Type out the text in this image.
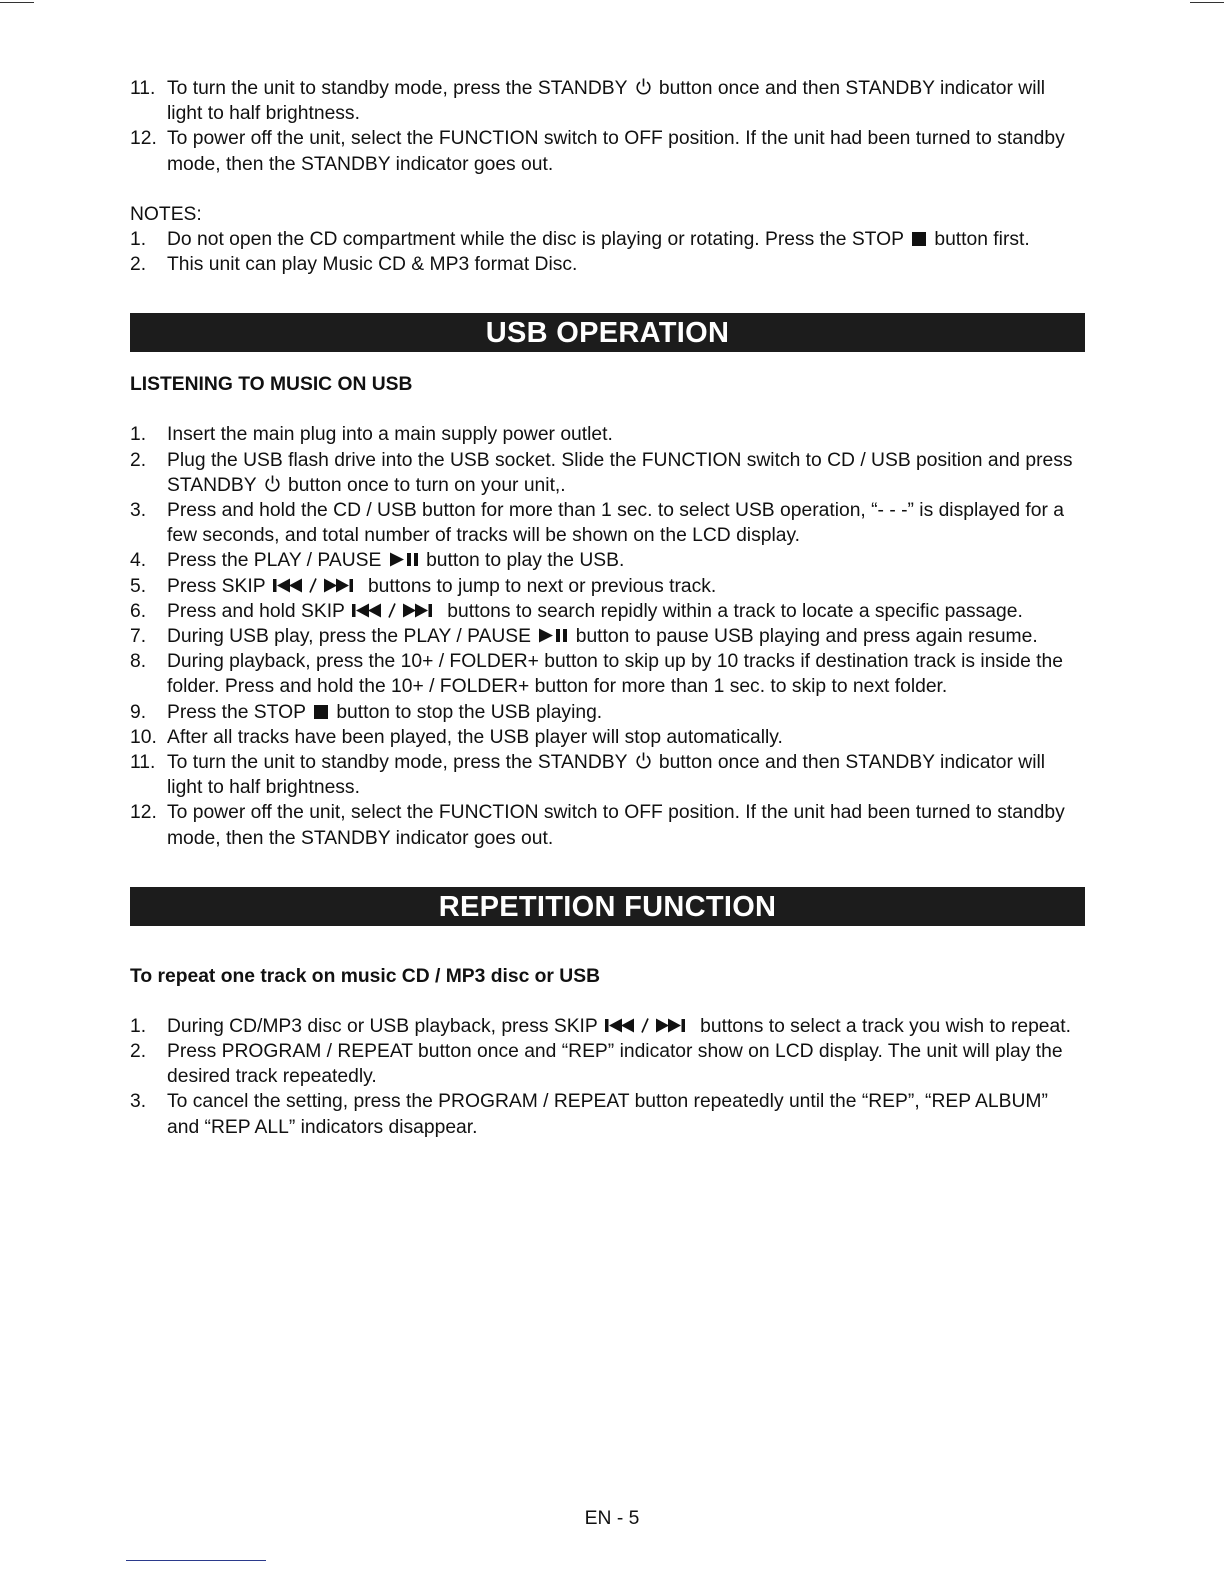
11. To turn the unit to standby mode, press the STANDBY button once and then STANDBY indicator will light to half brightness.
12. To power off the unit, select the FUNCTION switch to OFF position. If the unit had been turned to standby mode, then the STANDBY indicator goes out.
NOTES:
1. Do not open the CD compartment while the disc is playing or rotating. Press the STOP button first.
2. This unit can play Music CD & MP3 format Disc.
USB OPERATION
LISTENING TO MUSIC ON USB
1. Insert the main plug into a main supply power outlet.
2. Plug the USB flash drive into the USB socket. Slide the FUNCTION switch to CD / USB position and press STANDBY button once to turn on your unit,.
3. Press and hold the CD / USB button for more than 1 sec. to select USB operation, “- - -” is displayed for a few seconds, and total number of tracks will be shown on the LCD display.
4. Press the PLAY / PAUSE button to play the USB.
5. Press SKIP	buttons to jump to next or previous track.
6. Press and hold SKIP	buttons to search repidly within a track to locate a specific passage.
7. During USB play, press the PLAY / PAUSE button to pause USB playing and press again resume.
8. During playback, press the 10+ / FOLDER+ button to skip up by 10 tracks if destination track is inside the folder. Press and hold the 10+ / FOLDER+ button for more than 1 sec. to skip to next folder.
9. Press the STOP button to stop the USB playing.
10. After all tracks have been played, the USB player will stop automatically.
11. To turn the unit to standby mode, press the STANDBY button once and then STANDBY indicator will light to half brightness.
12. To power off the unit, select the FUNCTION switch to OFF position. If the unit had been turned to standby mode, then the STANDBY indicator goes out.
REPETITION FUNCTION
To repeat one track on music CD / MP3 disc or USB
1. During CD/MP3 disc or USB playback, press SKIP	buttons to select a track you wish to repeat.
2. Press PROGRAM / REPEAT button once and “REP” indicator show on LCD display. The unit will play the desired track repeatedly.
3. To cancel the setting, press the PROGRAM / REPEAT button repeatedly until the “REP”, “REP ALBUM” and “REP ALL” indicators disappear.
EN - 5
